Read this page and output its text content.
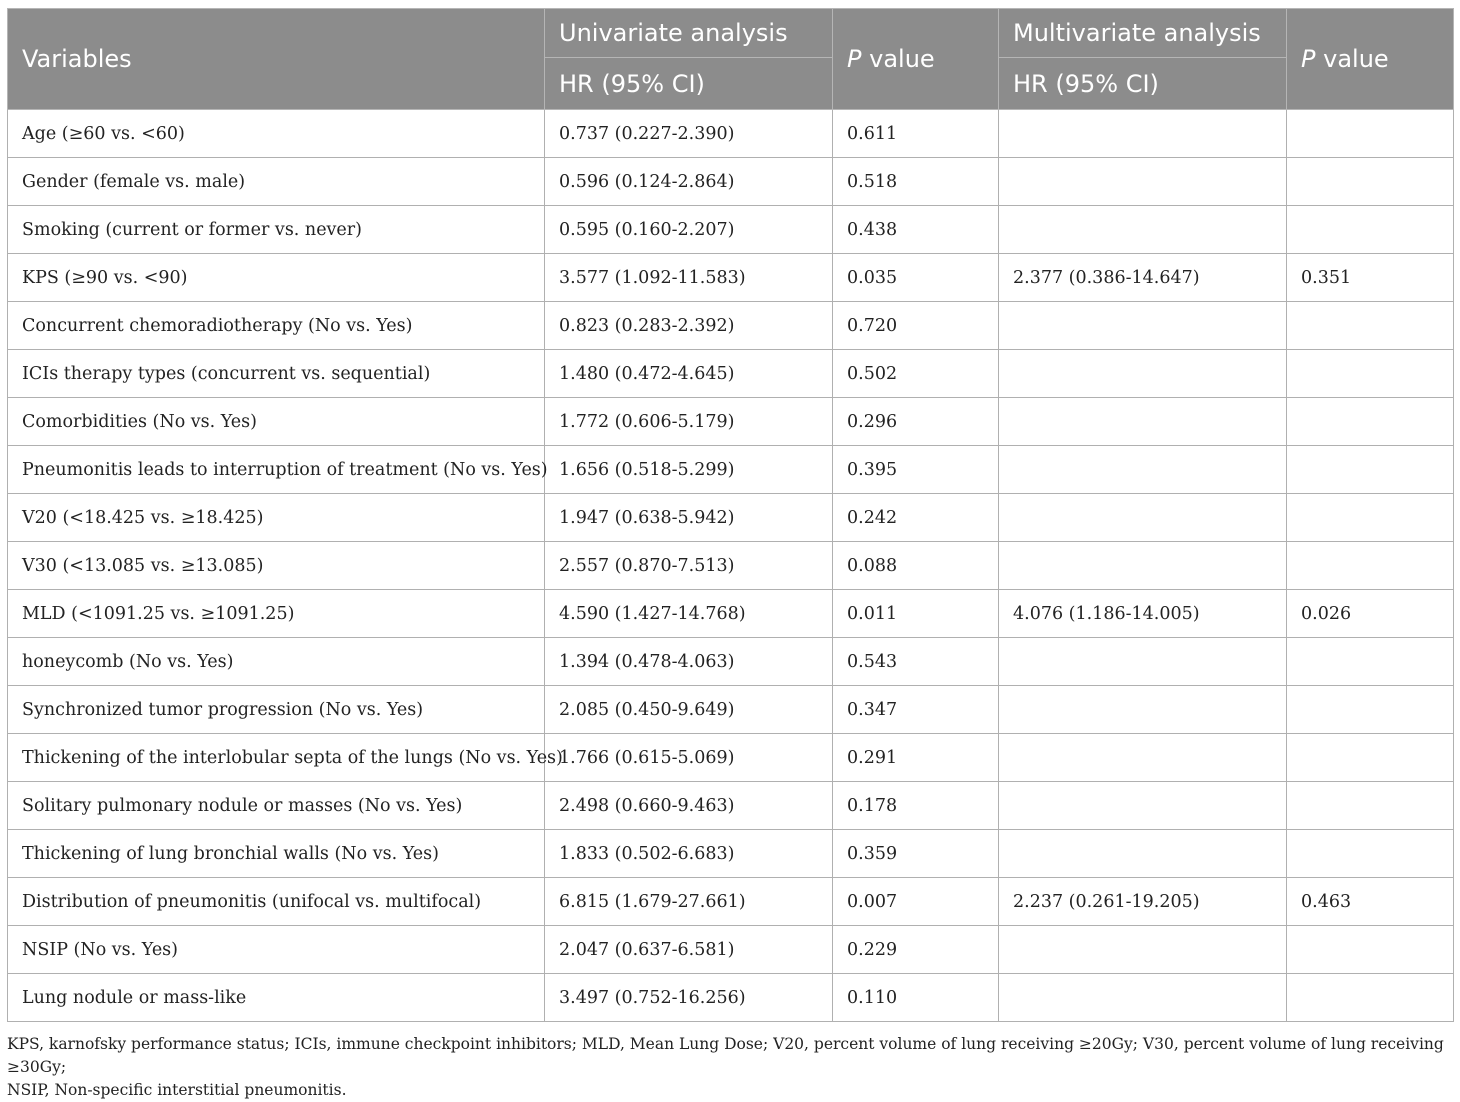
Variables	Univariate analysis	P value	Multivariate analysis	P value
	HR (95% CI)		HR (95% CI)	
Age (≥60 vs. <60)	0.737 (0.227-2.390)	0.611		
Gender (female vs. male)	0.596 (0.124-2.864)	0.518		
Smoking (current or former vs. never)	0.595 (0.160-2.207)	0.438		
KPS (≥90 vs. <90)	3.577 (1.092-11.583)	0.035	2.377 (0.386-14.647)	0.351
Concurrent chemoradiotherapy (No vs. Yes)	0.823 (0.283-2.392)	0.720		
ICIs therapy types (concurrent vs. sequential)	1.480 (0.472-4.645)	0.502		
Comorbidities (No vs. Yes)	1.772 (0.606-5.179)	0.296		
Pneumonitis leads to interruption of treatment (No vs. Yes)	1.656 (0.518-5.299)	0.395		
V20 (<18.425 vs. ≥18.425)	1.947 (0.638-5.942)	0.242		
V30 (<13.085 vs. ≥13.085)	2.557 (0.870-7.513)	0.088		
MLD (<1091.25 vs. ≥1091.25)	4.590 (1.427-14.768)	0.011	4.076 (1.186-14.005)	0.026
honeycomb (No vs. Yes)	1.394 (0.478-4.063)	0.543		
Synchronized tumor progression (No vs. Yes)	2.085 (0.450-9.649)	0.347		
Thickening of the interlobular septa of the lungs (No vs. Yes)	1.766 (0.615-5.069)	0.291		
Solitary pulmonary nodule or masses (No vs. Yes)	2.498 (0.660-9.463)	0.178		
Thickening of lung bronchial walls (No vs. Yes)	1.833 (0.502-6.683)	0.359		
Distribution of pneumonitis (unifocal vs. multifocal)	6.815 (1.679-27.661)	0.007	2.237 (0.261-19.205)	0.463
NSIP (No vs. Yes)	2.047 (0.637-6.581)	0.229		
Lung nodule or mass-like	3.497 (0.752-16.256)	0.110		
KPS, karnofsky performance status; ICIs, immune checkpoint inhibitors; MLD, Mean Lung Dose; V20, percent volume of lung receiving ≥20Gy; V30, percent volume of lung receiving ≥30Gy;
NSIP, Non-specific interstitial pneumonitis.
